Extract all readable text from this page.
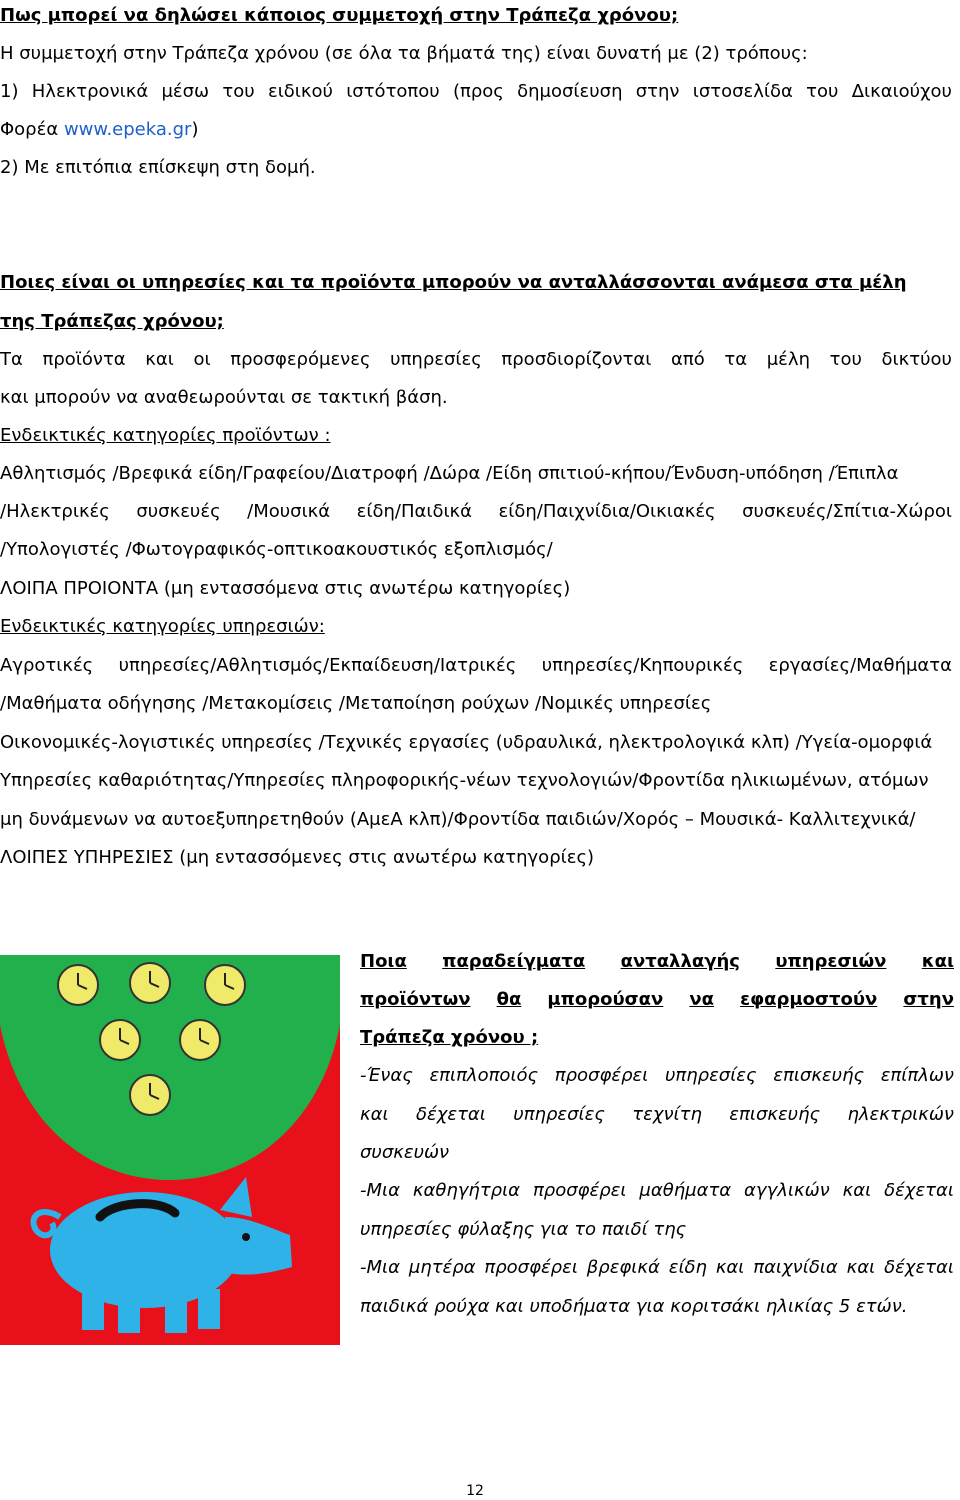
Πως μπορεί να δηλώσει κάποιος συμμετοχή στην Τράπεζα χρόνου;
Η συμμετοχή στην Τράπεζα χρόνου (σε όλα τα βήματά της) είναι δυνατή με (2) τρόπους:
1) Ηλεκτρονικά μέσω του ειδικού ιστότοπου (προς δημοσίευση στην ιστοσελίδα του Δικαιούχου
Φορέα www.epeka.gr)
2) Με επιτόπια επίσκεψη στη δομή.
Ποιες είναι οι υπηρεσίες και τα προϊόντα μπορούν να ανταλλάσσονται ανάμεσα στα μέλη
της Τράπεζας χρόνου;
Τα προϊόντα και οι προσφερόμενες υπηρεσίες προσδιορίζονται από τα μέλη του δικτύου
και μπορούν να αναθεωρούνται σε τακτική βάση.
Ενδεικτικές κατηγορίες προϊόντων :
Αθλητισμός /Βρεφικά είδη/Γραφείου/Διατροφή /Δώρα /Είδη σπιτιού-κήπου/Ένδυση-υπόδηση /Έπιπλα
/Ηλεκτρικές συσκευές /Μουσικά είδη/Παιδικά είδη/Παιχνίδια/Οικιακές συσκευές/Σπίτια-Χώροι
/Υπολογιστές /Φωτογραφικός-οπτικοακουστικός εξοπλισμός/
ΛΟΙΠΑ ΠΡΟΙΟΝΤΑ (μη εντασσόμενα στις ανωτέρω κατηγορίες)
Ενδεικτικές κατηγορίες υπηρεσιών:
Αγροτικές υπηρεσίες/Αθλητισμός/Εκπαίδευση/Ιατρικές υπηρεσίες/Κηπουρικές εργασίες/Μαθήματα
/Μαθήματα οδήγησης /Μετακομίσεις /Μεταποίηση ρούχων /Νομικές υπηρεσίες
Οικονομικές-λογιστικές υπηρεσίες /Τεχνικές εργασίες (υδραυλικά, ηλεκτρολογικά κλπ) /Υγεία-ομορφιά
Υπηρεσίες καθαριότητας/Υπηρεσίες πληροφορικής-νέων τεχνολογιών/Φροντίδα ηλικιωμένων, ατόμων
μη δυνάμενων να αυτοεξυπηρετηθούν (ΑμεΑ κλπ)/Φροντίδα παιδιών/Χορός – Μουσικά- Καλλιτεχνικά/
ΛΟΙΠΕΣ ΥΠΗΡΕΣΙΕΣ (μη εντασσόμενες στις ανωτέρω κατηγορίες)
Ποια παραδείγματα ανταλλαγής υπηρεσιών και
προϊόντων θα μπορούσαν να εφαρμοστούν στην
Τράπεζα χρόνου ;
-Ένας επιπλοποιός προσφέρει υπηρεσίες επισκευής επίπλων
και δέχεται υπηρεσίες τεχνίτη επισκευής ηλεκτρικών
συσκευών
-Μια καθηγήτρια προσφέρει μαθήματα αγγλικών και δέχεται
υπηρεσίες φύλαξης για το παιδί της
-Μια μητέρα προσφέρει βρεφικά είδη και παιχνίδια και δέχεται
παιδικά ρούχα και υποδήματα για κοριτσάκι ηλικίας 5 ετών.
12
